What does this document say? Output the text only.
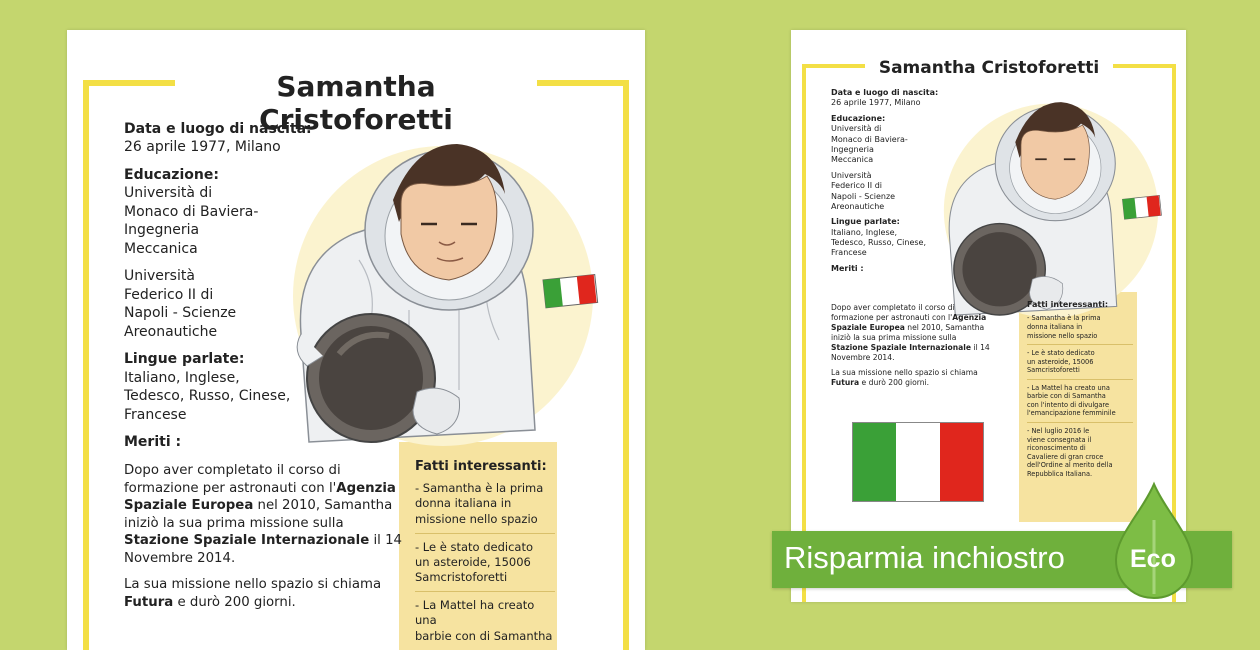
Samantha Cristoforetti

Data e luogo di nascita:

26 aprile 1977, Milano

Educazione:

Università di

Monaco di Baviera-

Ingegneria

Meccanica

Università

Federico II di

Napoli - Scienze

Areonautiche

Lingue parlate:

Italiano, Inglese,

Tedesco, Russo, Cinese,

Francese

Meriti :

Dopo aver completato il corso di

formazione per astronauti con l'Agenzia

Spaziale Europea nel 2010, Samantha

iniziò la sua prima missione sulla

Stazione Spaziale Internazionale il 14

Novembre 2014.

La sua missione nello spazio si chiama

Futura e durò 200 giorni.

Fatti interessanti:

- Samantha è la prima

donna italiana in

missione nello spazio

- Le è stato dedicato

un asteroide, 15006

Samcristoforetti

- La Mattel ha creato una

barbie con di Samantha

Samantha Cristoforetti

Data e luogo di nascita:

26 aprile 1977, Milano

Educazione:

Università di

Monaco di Baviera-

Ingegneria

Meccanica

Università

Federico II di

Napoli - Scienze

Areonautiche

Lingue parlate:

Italiano, Inglese,

Tedesco, Russo, Cinese,

Francese

Meriti :

Dopo aver completato il corso di

formazione per astronauti con l'Agenzia

Spaziale Europea nel 2010, Samantha

iniziò la sua prima missione sulla

Stazione Spaziale Internazionale il 14

Novembre 2014.

La sua missione nello spazio si chiama

Futura e durò 200 giorni.

Fatti interessanti:

- Samantha è la prima

donna italiana in

missione nello spazio

- Le è stato dedicato

un asteroide, 15006

Samcristoforetti

- La Mattel ha creato una

barbie con di Samantha

con l'intento di divulgare

l'emancipazione femminile

- Nel luglio 2016 le

viene consegnata il

riconoscimento di

Cavaliere di gran croce

dell'Ordine al merito della

Repubblica Italiana.

Risparmia inchiostro	Eco
